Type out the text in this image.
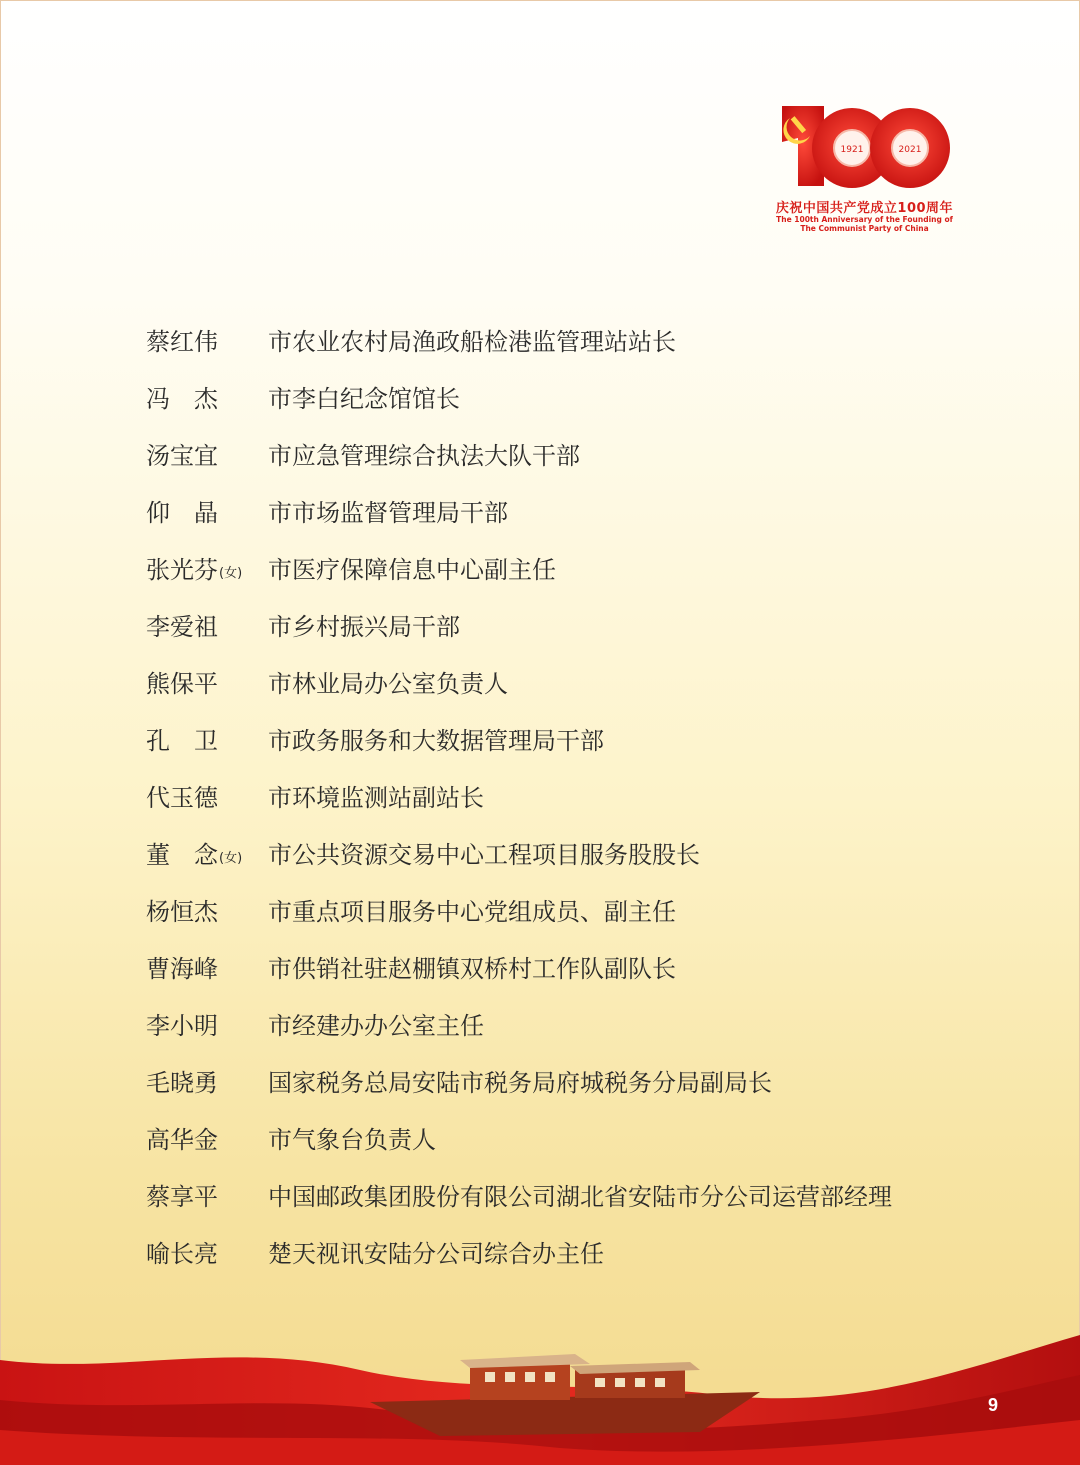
1921	2021
庆祝中国共产党成立100周年
The 100th Anniversary of the Founding of
The Communist Party of China
蔡红伟 市农业农村局渔政船检港监管理站站长
冯　杰 市李白纪念馆馆长
汤宝宜 市应急管理综合执法大队干部
仰　晶 市市场监督管理局干部
张光芬(女) 市医疗保障信息中心副主任
李爱祖 市乡村振兴局干部
熊保平 市林业局办公室负责人
孔　卫 市政务服务和大数据管理局干部
代玉德 市环境监测站副站长
董　念(女) 市公共资源交易中心工程项目服务股股长
杨恒杰 市重点项目服务中心党组成员、副主任
曹海峰 市供销社驻赵棚镇双桥村工作队副队长
李小明 市经建办办公室主任
毛晓勇 国家税务总局安陆市税务局府城税务分局副局长
高华金 市气象台负责人
蔡享平 中国邮政集团股份有限公司湖北省安陆市分公司运营部经理
喻长亮 楚天视讯安陆分公司综合办主任
9
